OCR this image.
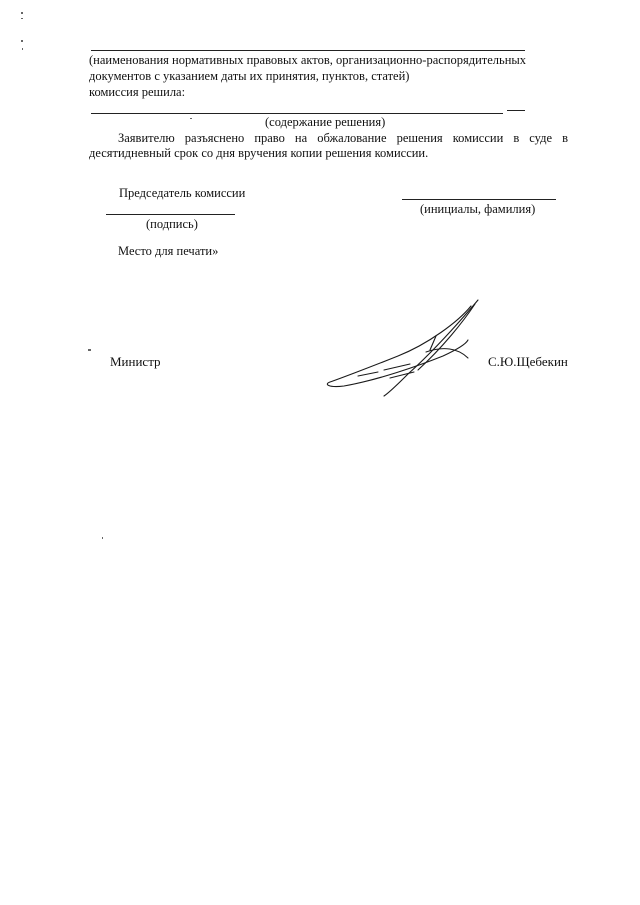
(наименования нормативных правовых актов, организационно-распорядительных
документов с указанием даты их принятия, пунктов, статей)
комиссия решила:
(содержание решения)
Заявителю разъяснено право на обжалование решения комиссии в суде в
десятидневный срок со дня вручения копии решения комиссии.
Председатель комиссии
(инициалы, фамилия)
(подпись)
Место для печати»
Министр	С.Ю.Щебекин
